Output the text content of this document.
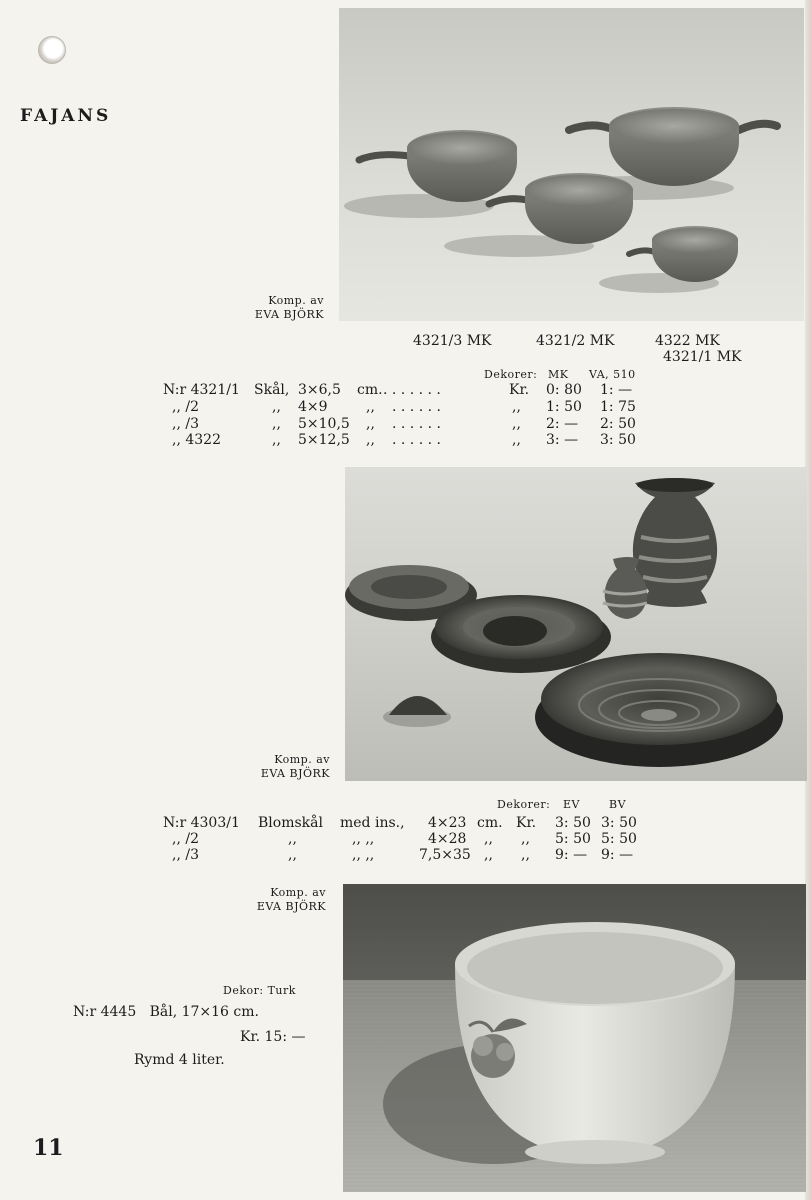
FAJANS
Komp. av
EVA BJÖRK
4321/3 MK	4321/2 MK	4322 MK
4321/1 MK
Dekorer: MK VA, 510
N:r 4321/1 Skål, 3×6,5 cm. . . . . . . .	Kr. 0: 80 1: —
,, /2	,, 4×9	,, . . . . . .	,, 1: 50 1: 75
,, /3	,, 5×10,5 ,, . . . . . .	,, 2: — 2: 50
,, 4322	,, 5×12,5 ,, . . . . . .	,, 3: — 3: 50
Komp. av
EVA BJÖRK
Dekorer: EV	BV
N:r 4303/1 Blomskål med ins., 4×23 cm. Kr. 3: 50 3: 50
,, /2	,,	,, ,,	4×28 ,, ,, 5: 50 5: 50
,, /3	,,	,, ,,	7,5×35 ,, ,, 9: — 9: —
Komp. av
EVA BJÖRK
Dekor: Turk
N:r 4445   Bål, 17×16 cm.
Kr. 15: —
Rymd 4 liter.
11
